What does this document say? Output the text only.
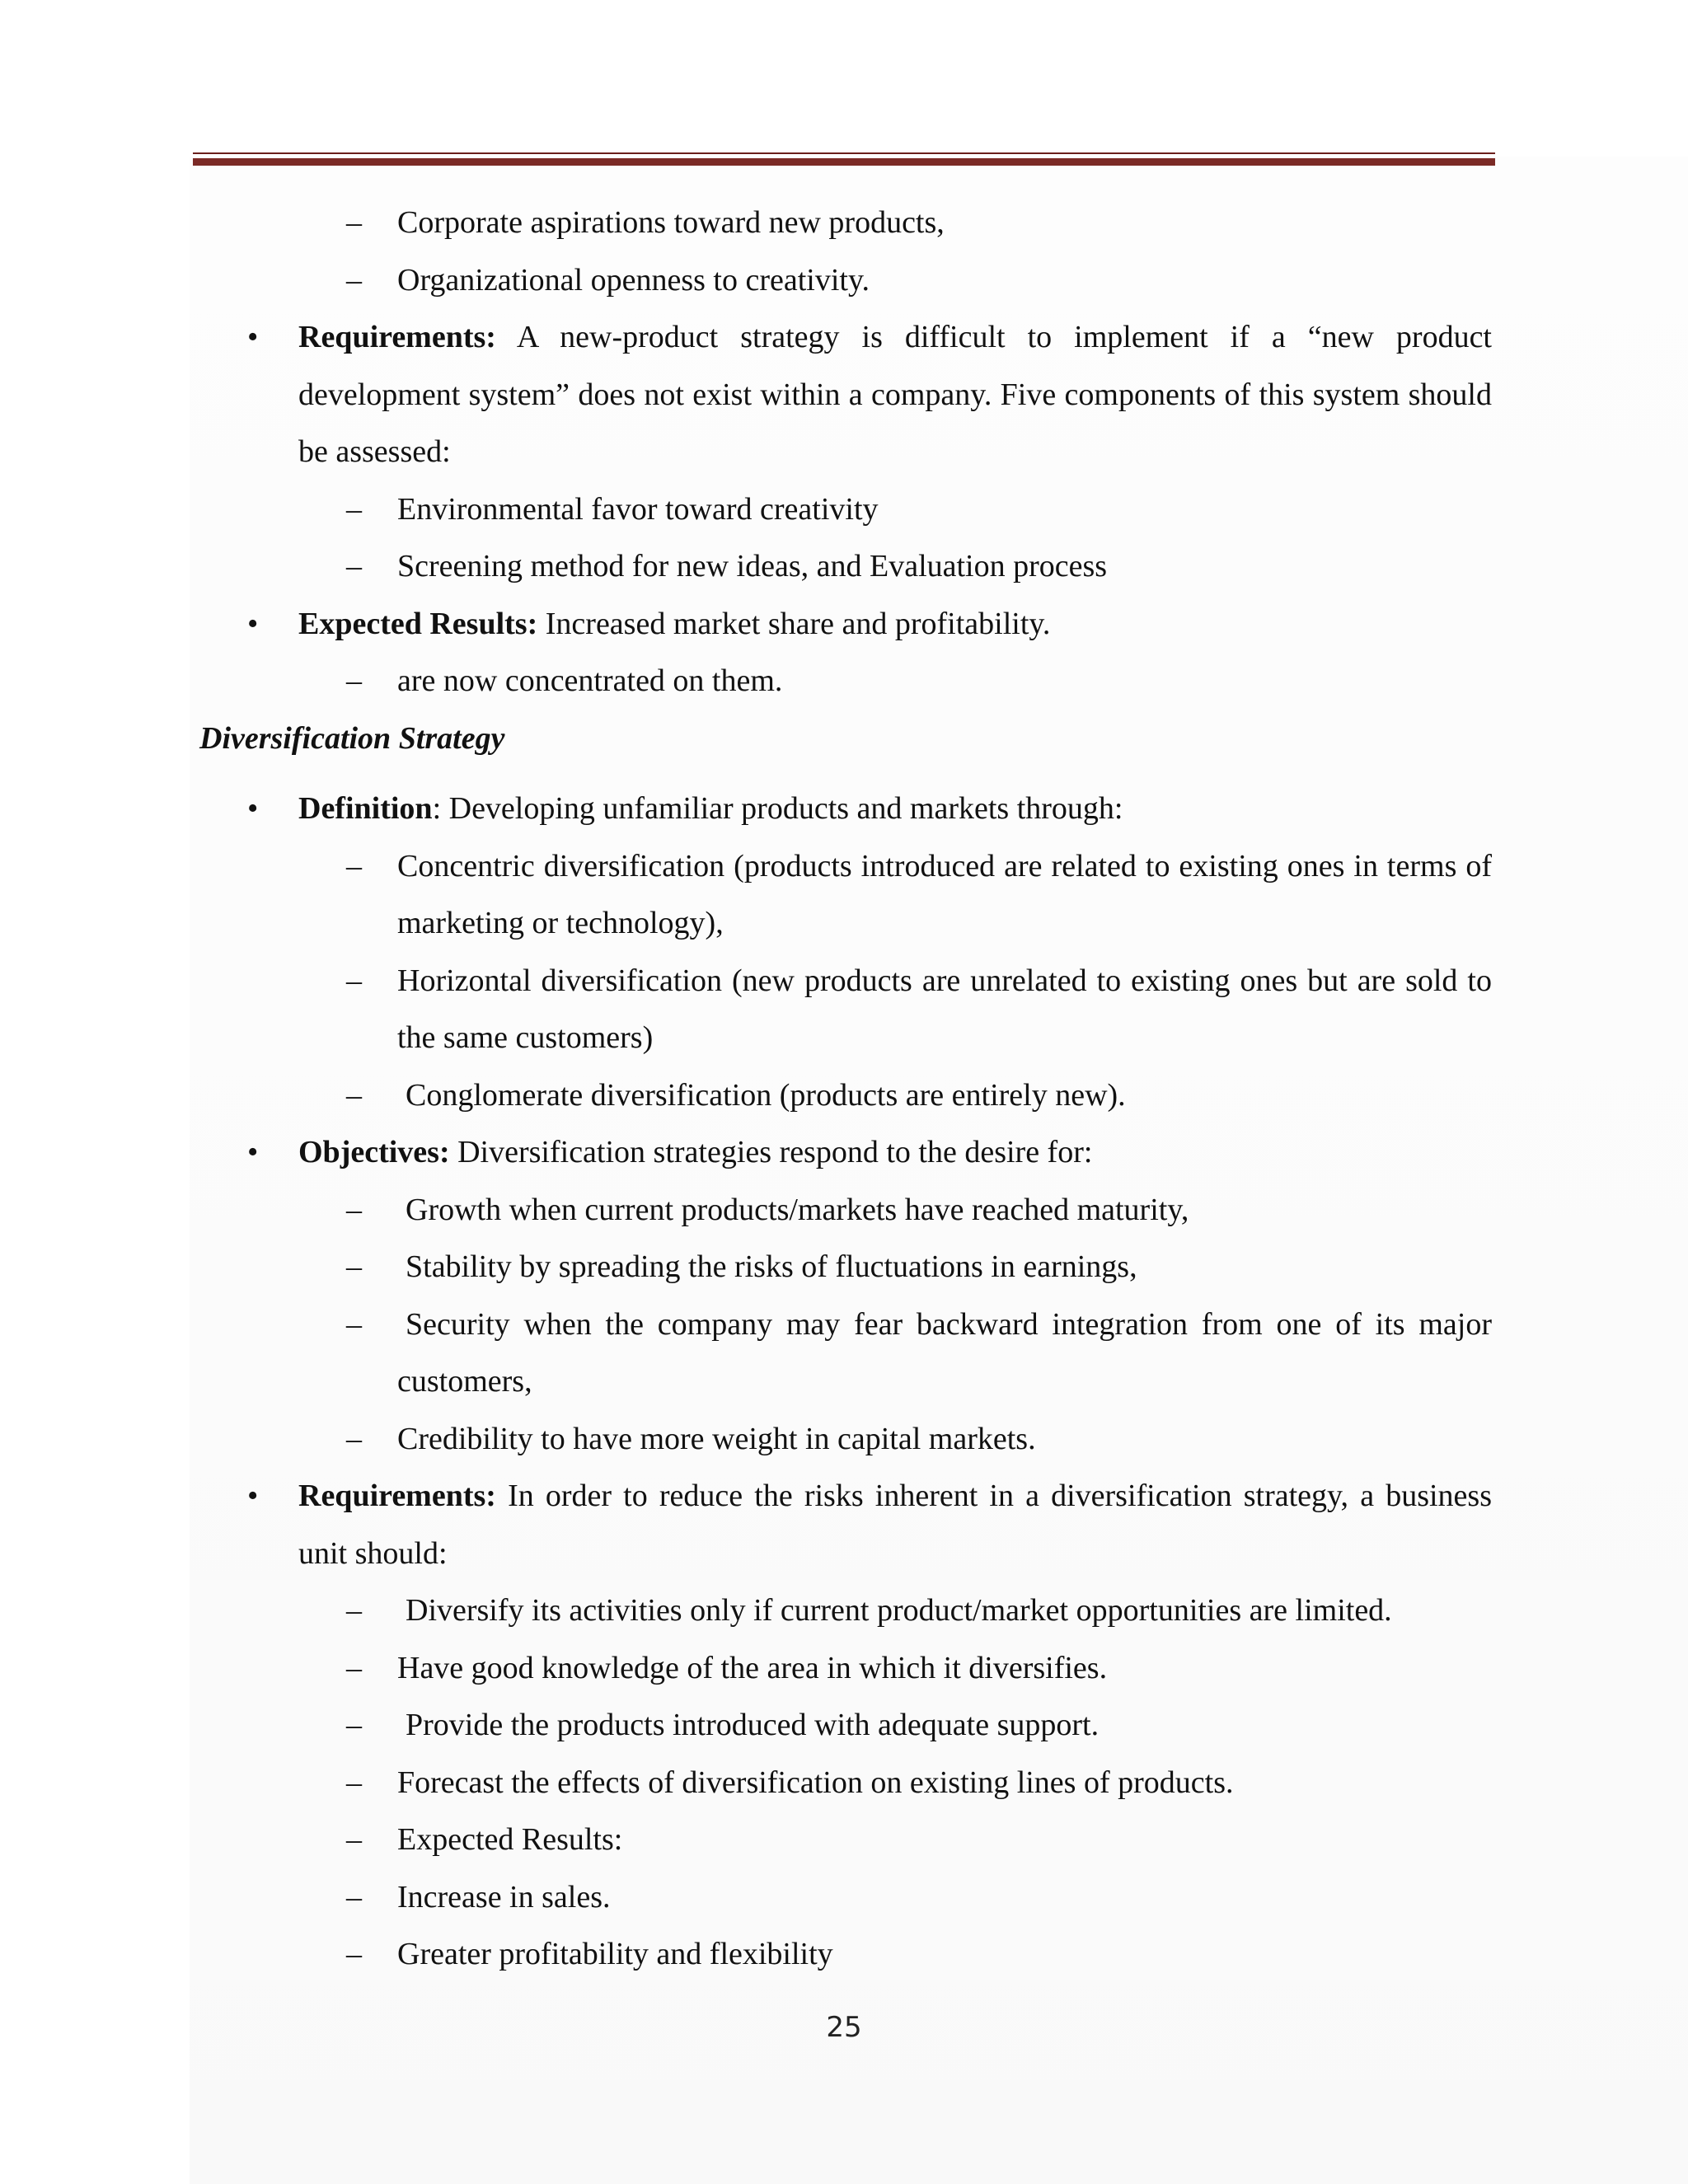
–	Corporate aspirations toward new products,
–	Organizational openness to creativity.
• Requirements: A new-product strategy is difficult to implement if a “new product development system” does not exist within a company. Five components of this system should be assessed:
–	Environmental favor toward creativity
–	Screening method for new ideas, and Evaluation process
• Expected Results: Increased market share and profitability.
–	are now concentrated on them.
Diversification Strategy
• Definition: Developing unfamiliar products and markets through:
–	Concentric diversification (products introduced are related to existing ones in terms of marketing or technology),
–	Horizontal diversification (new products are unrelated to existing ones but are sold to the same customers)
–	Conglomerate diversification (products are entirely new).
• Objectives: Diversification strategies respond to the desire for:
–	Growth when current products/markets have reached maturity,
–	Stability by spreading the risks of fluctuations in earnings,
–	Security when the company may fear backward integration from one of its major customers,
–	Credibility to have more weight in capital markets.
• Requirements: In order to reduce the risks inherent in a diversification strategy, a business unit should:
–	Diversify its activities only if current product/market opportunities are limited.
–	Have good knowledge of the area in which it diversifies.
–	Provide the products introduced with adequate support.
–	Forecast the effects of diversification on existing lines of products.
–	Expected Results:
–	Increase in sales.
–	Greater profitability and flexibility
25
